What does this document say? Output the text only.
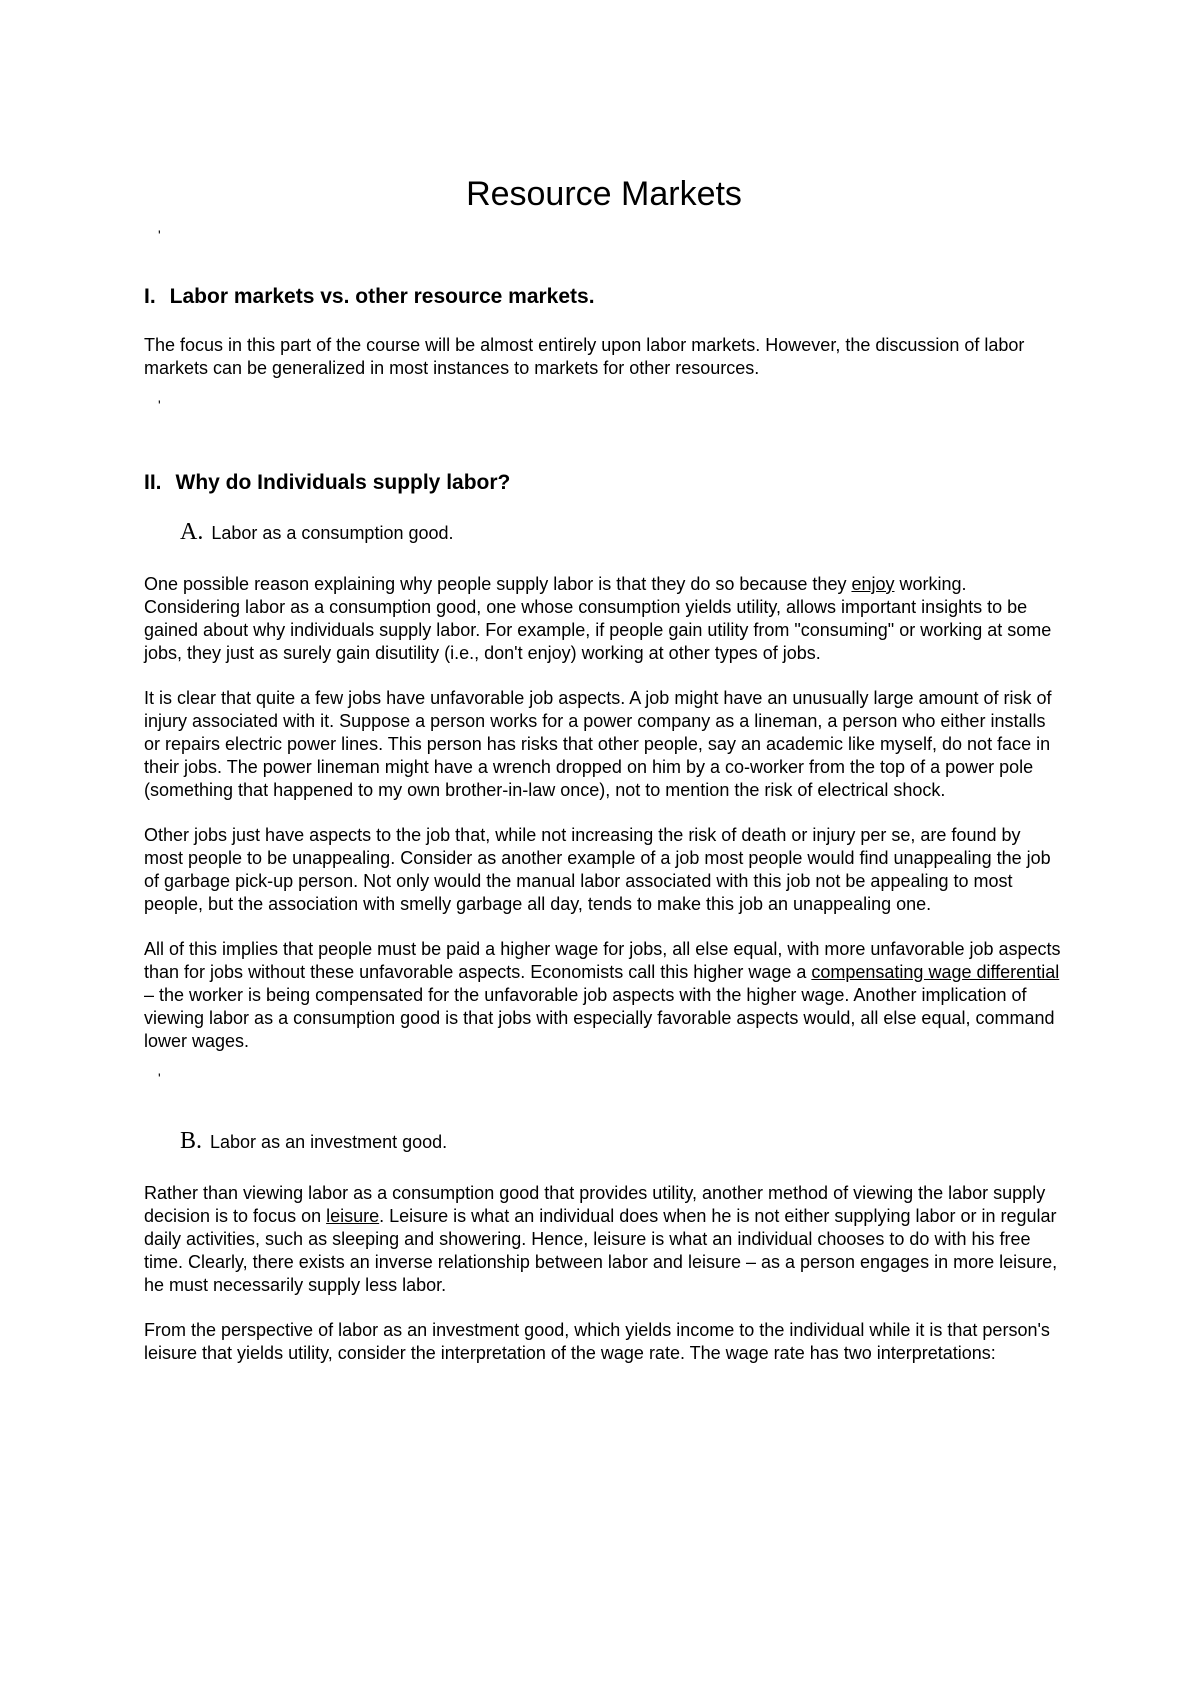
Resource Markets
'
I. Labor markets vs. other resource markets.

The focus in this part of the course will be almost entirely upon labor markets. However, the discussion of labor markets can be generalized in most instances to markets for other resources.

'
II. Why do Individuals supply labor?
A. Labor as a consumption good.

One possible reason explaining why people supply labor is that they do so because they enjoy working. Considering labor as a consumption good, one whose consumption yields utility, allows important insights to be gained about why individuals supply labor. For example, if people gain utility from "consuming" or working at some jobs, they just as surely gain disutility (i.e., don't enjoy) working at other types of jobs.

It is clear that quite a few jobs have unfavorable job aspects. A job might have an unusually large amount of risk of injury associated with it. Suppose a person works for a power company as a lineman, a person who either installs or repairs electric power lines. This person has risks that other people, say an academic like myself, do not face in their jobs. The power lineman might have a wrench dropped on him by a co-worker from the top of a power pole (something that happened to my own brother-in-law once), not to mention the risk of electrical shock.

Other jobs just have aspects to the job that, while not increasing the risk of death or injury per se, are found by most people to be unappealing. Consider as another example of a job most people would find unappealing the job of garbage pick-up person. Not only would the manual labor associated with this job not be appealing to most people, but the association with smelly garbage all day, tends to make this job an unappealing one.

All of this implies that people must be paid a higher wage for jobs, all else equal, with more unfavorable job aspects than for jobs without these unfavorable aspects. Economists call this higher wage a compensating wage differential – the worker is being compensated for the unfavorable job aspects with the higher wage. Another implication of viewing labor as a consumption good is that jobs with especially favorable aspects would, all else equal, command lower wages.

'
B. Labor as an investment good.

Rather than viewing labor as a consumption good that provides utility, another method of viewing the labor supply decision is to focus on leisure. Leisure is what an individual does when he is not either supplying labor or in regular daily activities, such as sleeping and showering. Hence, leisure is what an individual chooses to do with his free time. Clearly, there exists an inverse relationship between labor and leisure – as a person engages in more leisure, he must necessarily supply less labor.

From the perspective of labor as an investment good, which yields income to the individual while it is that person's leisure that yields utility, consider the interpretation of the wage rate. The wage rate has two interpretations:
